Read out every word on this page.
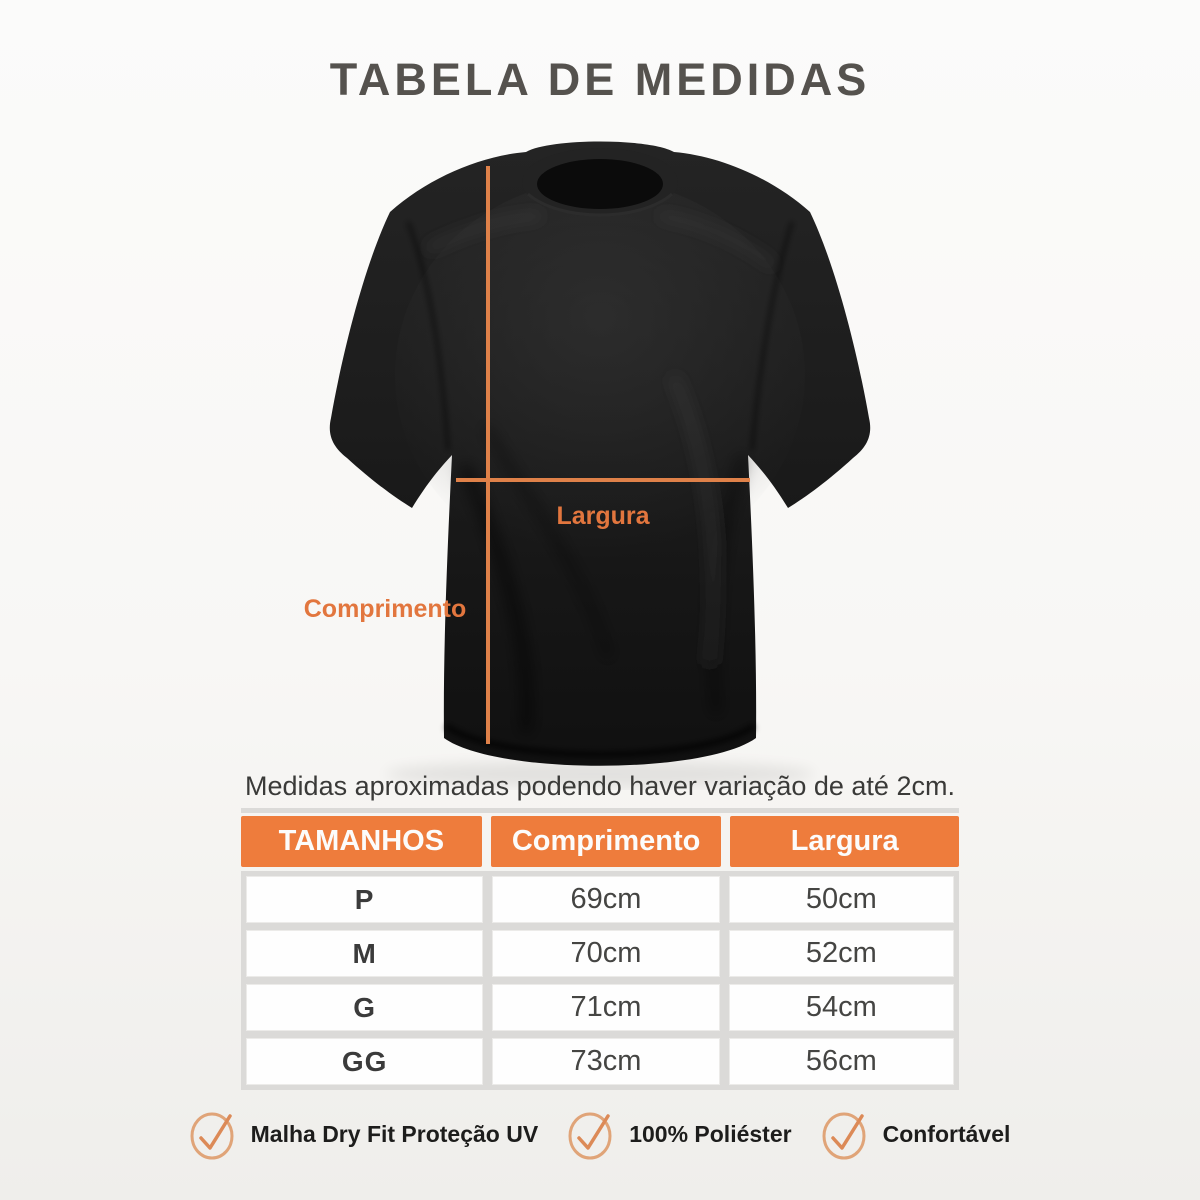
TABELA DE MEDIDAS
Largura
Comprimento
Medidas aproximadas podendo haver variação de até 2cm.
TAMANHOS	Comprimento	Largura
P	69cm	50cm
M	70cm	52cm
G	71cm	54cm
GG	73cm	56cm
Malha Dry Fit Proteção UV	100% Poliéster	Confortável
